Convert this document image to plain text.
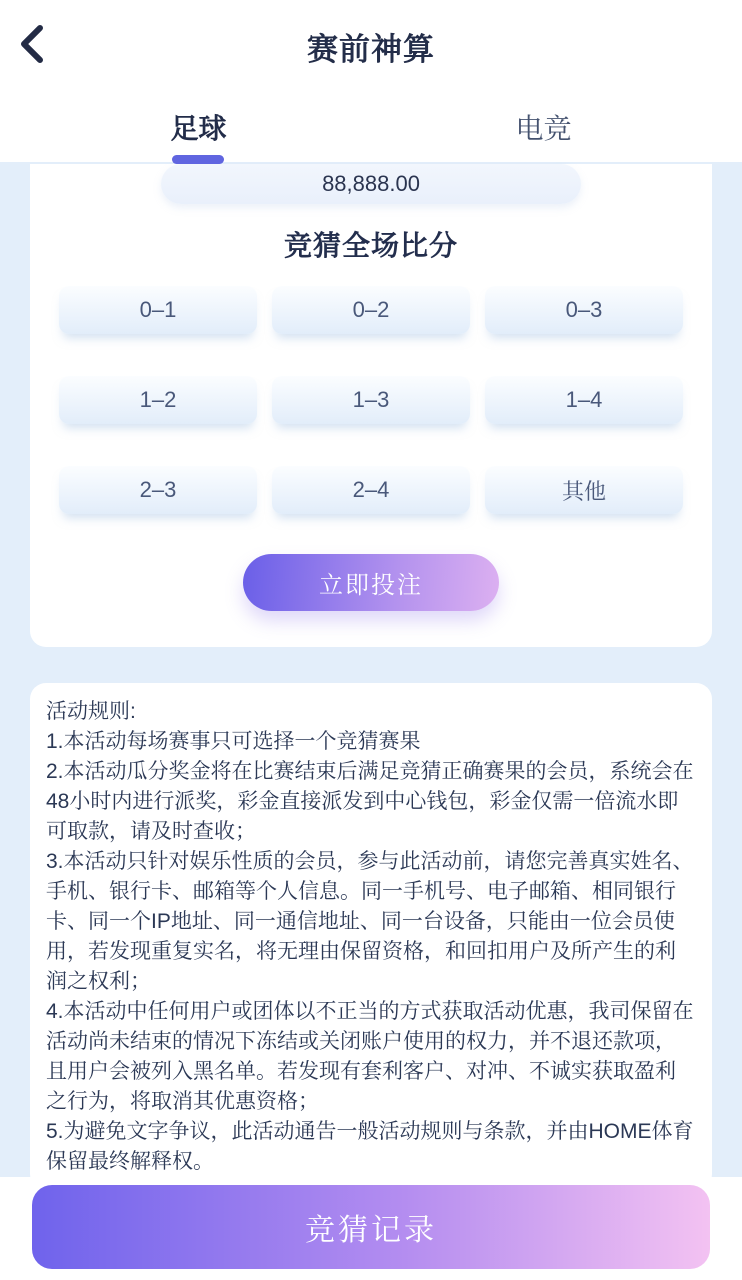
赛前神算
足球	电竞
88,888.00
竞猜全场比分
0–1	0–2	0–3
1–2	1–3	1–4
2–3	2–4	其他
立即投注

活动规则:

1.本活动每场赛事只可选择一个竞猜赛果

2.本活动瓜分奖金将在比赛结束后满足竞猜正确赛果的会员，系统会在48小时内进行派奖，彩金直接派发到中心钱包，彩金仅需一倍流水即可取款，请及时查收；

3.本活动只针对娱乐性质的会员，参与此活动前，请您完善真实姓名、手机、银行卡、邮箱等个人信息。同一手机号、电子邮箱、相同银行卡、同一个IP地址、同一通信地址、同一台设备，只能由一位会员使用，若发现重复实名，将无理由保留资格，和回扣用户及所产生的利润之权利；

4.本活动中任何用户或团体以不正当的方式获取活动优惠，我司保留在活动尚未结束的情况下冻结或关闭账户使用的权力，并不退还款项，且用户会被列入黑名单。若发现有套利客户、对冲、不诚实获取盈利之行为，将取消其优惠资格；

5.为避免文字争议，此活动通告一般活动规则与条款，并由HOME体育保留最终解释权。

竞猜记录
